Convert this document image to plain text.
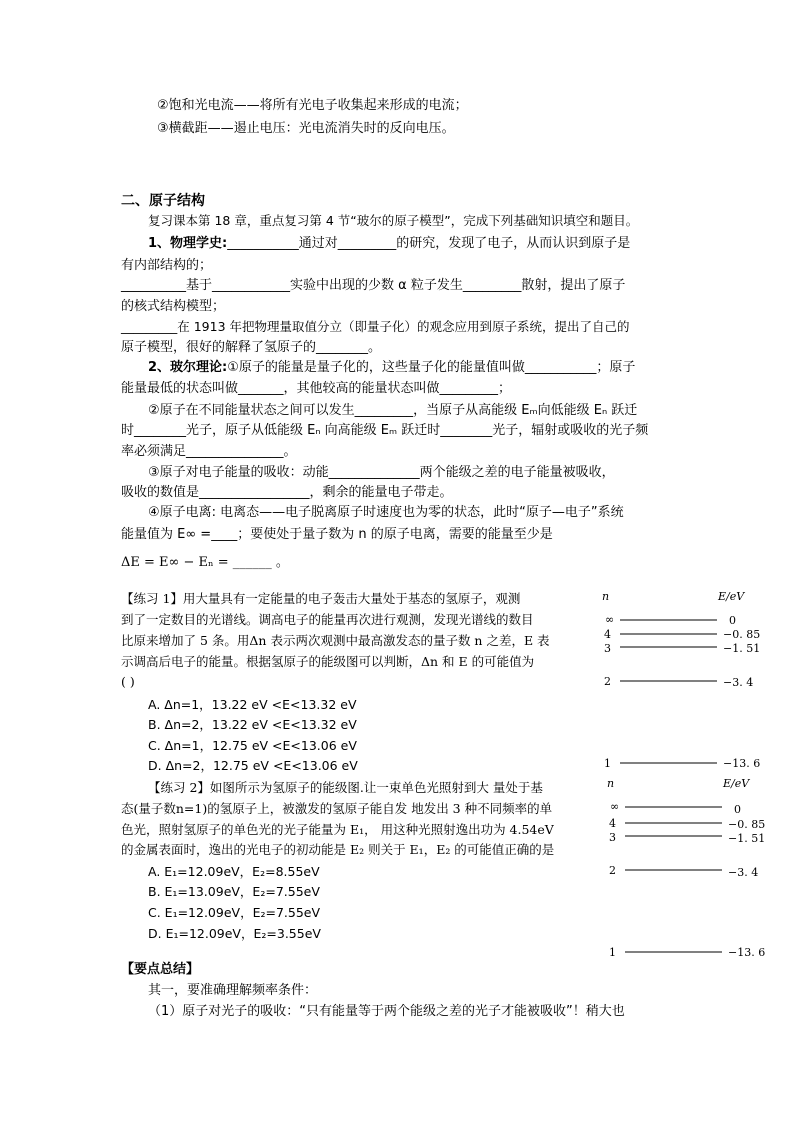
②饱和光电流——将所有光电子收集起来形成的电流；
③横截距——遏止电压：光电流消失时的反向电压。
二、原子结构
复习课本第 18 章，重点复习第 4 节“玻尔的原子模型”，完成下列基础知识填空和题目。
1、物理学史:___________通过对_________的研究，发现了电子，从而认识到原子是
有内部结构的；
__________基于____________实验中出现的少数 α 粒子发生_________散射，提出了原子
的核式结构模型；
_________在 1913 年把物理量取值分立（即量子化）的观念应用到原子系统，提出了自己的
原子模型，很好的解释了氢原子的________。
2、玻尔理论:①原子的能量是量子化的，这些量子化的能量值叫做___________；原子
能量最低的状态叫做_______，其他较高的能量状态叫做_________；
②原子在不同能量状态之间可以发生_________，当原子从高能级 Eₘ向低能级 Eₙ 跃迁
时________光子，原子从低能级 Eₙ 向高能级 Eₘ 跃迁时________光子，辐射或吸收的光子频
率必须满足_______________。
③原子对电子能量的吸收：动能______________两个能级之差的电子能量被吸收，
吸收的数值是_________________，剩余的能量电子带走。
④原子电离: 电离态——电子脱离原子时速度也为零的状态，此时“原子—电子”系统
能量值为 E∞ =____；要使处于量子数为 n 的原子电离，需要的能量至少是
ΔE = E∞ − Eₙ = ______ 。
【练习 1】用大量具有一定能量的电子轰击大量处于基态的氢原子，观测
到了一定数目的光谱线。调高电子的能量再次进行观测，发现光谱线的数目
比原来增加了 5 条。用Δn 表示两次观测中最高激发态的量子数 n 之差，E 表
示调高后电子的能量。根据氢原子的能级图可以判断，Δn 和 E 的可能值为
( )
A. Δn=1，13.22 eV <E<13.32 eV
B. Δn=2，13.22 eV <E<13.32 eV
C. Δn=1，12.75 eV <E<13.06 eV
D. Δn=2，12.75 eV <E<13.06 eV
【练习 2】如图所示为氢原子的能级图.让一束单色光照射到大 量处于基
态(量子数n=1)的氢原子上，被激发的氢原子能自发 地发出 3 种不同频率的单
色光，照射氢原子的单色光的光子能量为 E₁， 用这种光照射逸出功为 4.54eV
的金属表面时，逸出的光电子的初动能是 E₂ 则关于 E₁，E₂ 的可能值正确的是
A. E₁=12.09eV，E₂=8.55eV
B. E₁=13.09eV，E₂=7.55eV
C. E₁=12.09eV，E₂=7.55eV
D. E₁=12.09eV，E₂=3.55eV
【要点总结】
其一，要准确理解频率条件：
（1）原子对光子的吸收：“只有能量等于两个能级之差的光子才能被吸收”！稍大也
n	E/eV
∞	0
4	−0. 85
3	−1. 51
2	−3. 4
1	−13. 6
n	E/eV
∞	0
4	−0. 85
3	−1. 51
2	−3. 4
1	−13. 6
